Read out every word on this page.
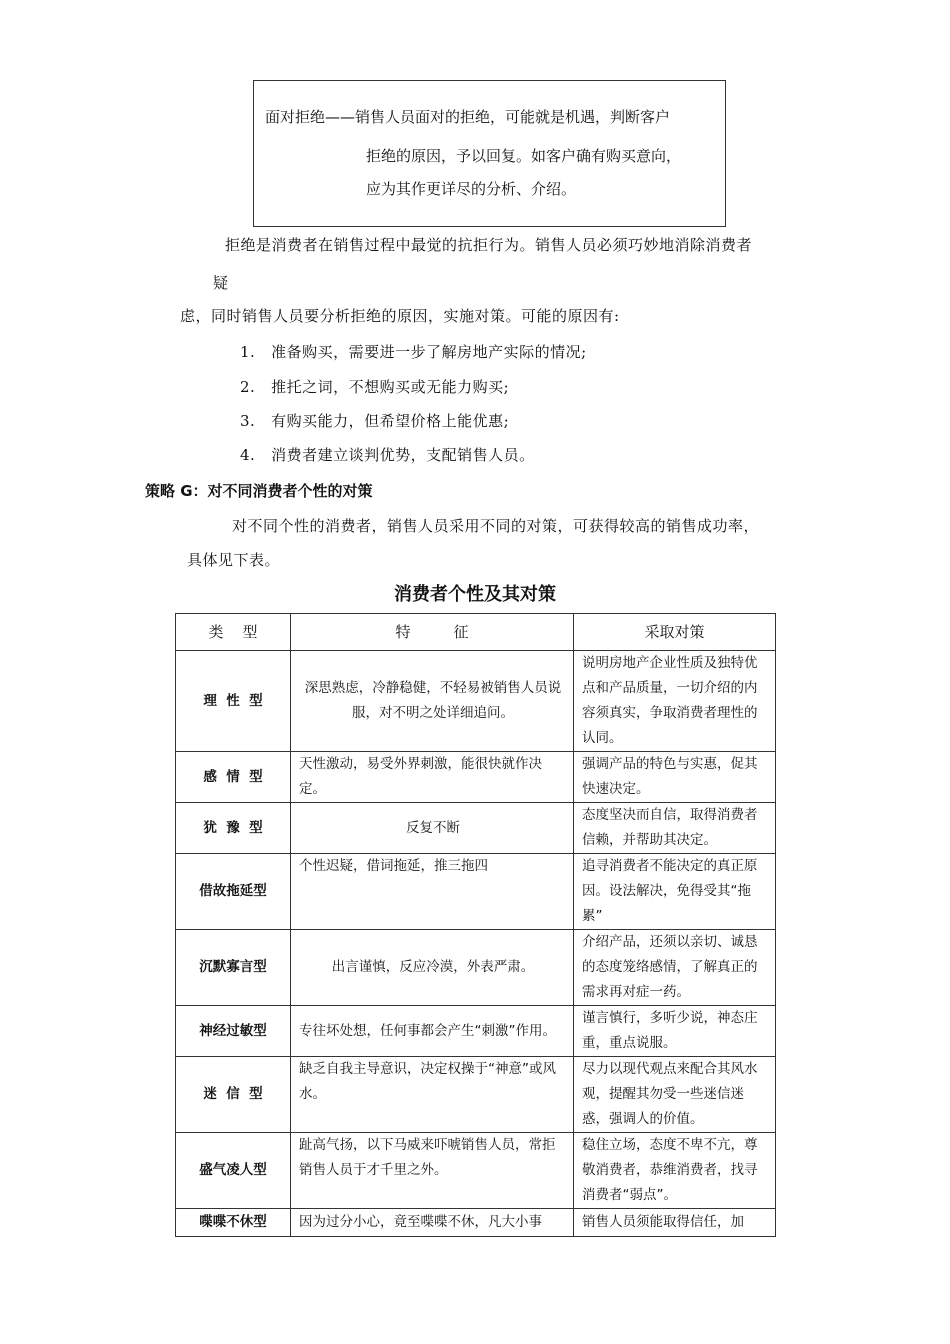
面对拒绝——销售人员面对的拒绝，可能就是机遇，判断客户
拒绝的原因，予以回复。如客户确有购买意向，
应为其作更详尽的分析、介绍。
拒绝是消费者在销售过程中最觉的抗拒行为。销售人员必须巧妙地消除消费者
疑
虑，同时销售人员要分析拒绝的原因，实施对策。可能的原因有:
1.   准备购买，需要进一步了解房地产实际的情况;
2.   推托之词，不想购买或无能力购买;
3.   有购买能力，但希望价格上能优惠;
4.   消费者建立谈判优势，支配销售人员。
策略 G：对不同消费者个性的对策
对不同个性的消费者，销售人员采用不同的对策，可获得较高的销售成功率，
具体见下表。
消费者个性及其对策
类    型	特         征	采取对策
理  性  型	深思熟虑，冷静稳健，不轻易被销售人员说服，对不明之处详细追问。	说明房地产企业性质及独特优点和产品质量，一切介绍的内容须真实，争取消费者理性的认同。
感  情  型	天性激动，易受外界刺激，能很快就作决定。	强调产品的特色与实惠，促其快速决定。
犹  豫  型	反复不断	态度坚决而自信，取得消费者信赖，并帮助其决定。
借故拖延型	个性迟疑，借词拖延，推三拖四	追寻消费者不能决定的真正原因。设法解决，免得受其“拖累”
沉默寡言型	出言谨慎，反应冷漠，外表严肃。	介绍产品，还须以亲切、诚恳的态度笼络感情，了解真正的需求再对症一药。
神经过敏型	专往坏处想，任何事都会产生“刺激”作用。	谨言慎行，多听少说，神态庄重，重点说服。
迷  信  型	缺乏自我主导意识，决定权操于“神意”或风水。	尽力以现代观点来配合其风水观，提醒其勿受一些迷信迷惑，强调人的价值。
盛气凌人型	趾高气扬，以下马威来吓唬销售人员，常拒销售人员于才千里之外。	稳住立场，态度不卑不亢，尊敬消费者，恭维消费者，找寻消费者“弱点”。
喋喋不休型	因为过分小心，竟至喋喋不休，凡大小事	销售人员须能取得信任，加
